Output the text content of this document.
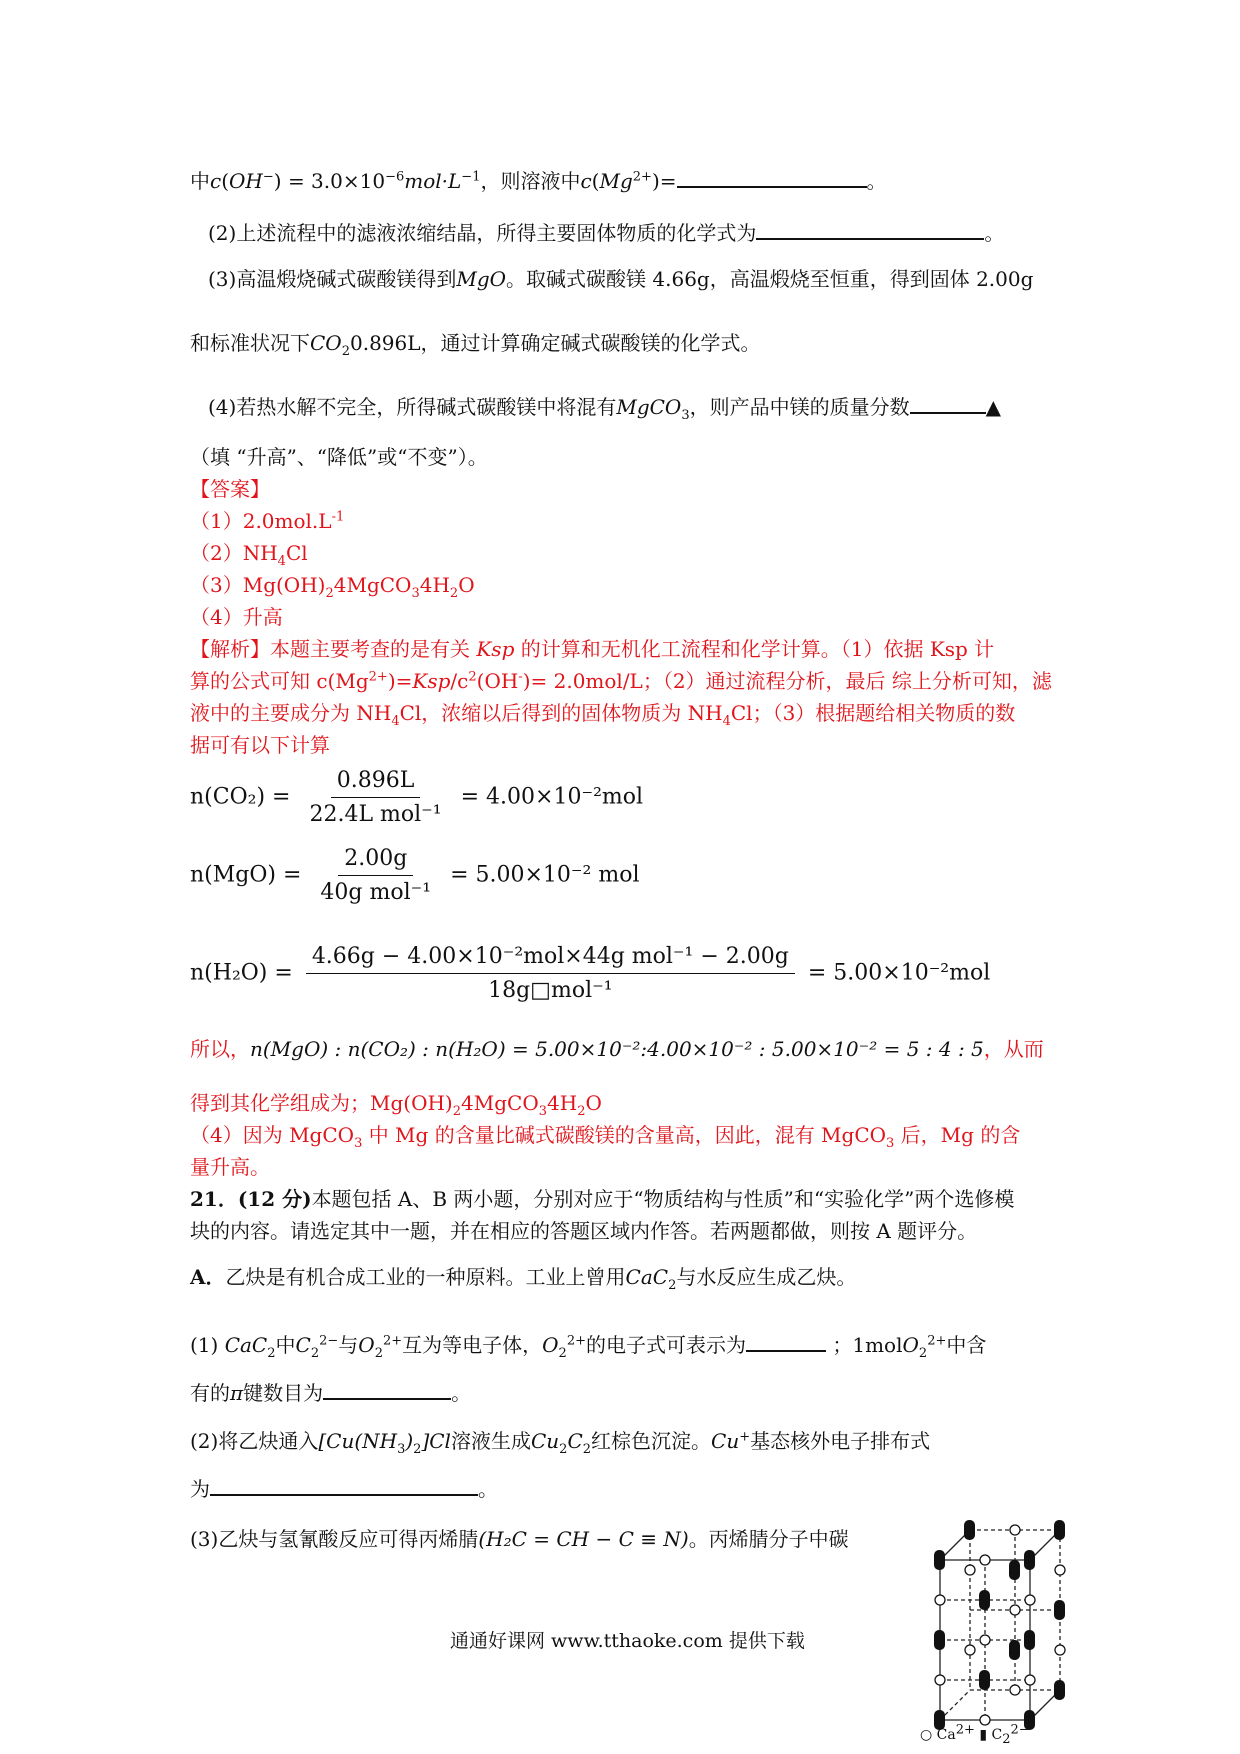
中$c(OH^-) = 3.0\times 10^{-6}mol\cdot L^{-1}$，则溶液中$c(Mg^{2+})=$	。
(2)上述流程中的滤液浓缩结晶，所得主要固体物质的化学式为	。
(3)高温煅烧碱式碳酸镁得到MgO。取碱式碳酸镁 4.66g，高温煅烧至恒重，得到固体 2.00g
和标准状况下$CO_20.896L$，通过计算确定碱式碳酸镁的化学式。
(4)若热水解不完全，所得碱式碳酸镁中将混有MgCO$_3$，则产品中镁的质量分数	▲
（填 “升高”、“降低”或“不变”）。
【答案】
$(1)2.0mol.L^{-1}$
$(2)NH_4Cl$
$(3)Mg(OH)_24MgCO_34H_2O$
（4）升高
【解析】本题主要考查的是有关 Ksp 的计算和无机化工流程和化学计算。（1）依据 Ksp 计
算的公式可知 $c(Mg^{2+})=Ksp/c^2(OH^-)= 2.0mol/L$；（2）通过流程分析，最后 综上分析可知，滤
液中的主要成分为 $NH_4Cl$，浓缩以后得到的固体物质为 $NH_4Cl$；（3）根据题给相关物质的数
据可有以下计算
$n(CO_2) = \frac{0.896L}{\text{22.4L mol⁻¹}} = 4.00\times 10^{-2}mol$
$n(MgO) = \frac{2.00g}{\text{40g mol⁻¹}} = 5.00\times 10^{-2}$ mol
$n(H_2O) = \frac{\text{4.66g − 4.00×10⁻²mol×44g mol⁻¹ − 2.00g}}{\text{18g□mol⁻¹}} = 5.00\times 10^{-2}mol$
所以，n(MgO) : n(CO₂) : n(H₂O) = 5.00×10⁻²:4.00×10⁻² : 5.00×10⁻² = 5 : 4 : 5，从而
得到其化学组成为；$Mg(OH)_24MgCO_34H_2O$
（4）因为 MgCO$_3$ 中 Mg 的含量比碱式碳酸镁的含量高，因此，混有 MgCO$_3$ 后，Mg 的含
量升高。
21．(12 分)本题包括 A、B 两小题，分别对应于“物质结构与性质”和“实验化学”两个选修模
块的内容。请选定其中一题，并在相应的答题区域内作答。若两题都做，则按 A 题评分。
A．乙炔是有机合成工业的一种原料。工业上曾用CaC$_2$与水反应生成乙炔。
(1) CaC$_2$中$C_2^{2-}$与$O_2^{2+}$互为等电子体，$O_2^{2+}$的电子式可表示为	；1molO$_2^{2+}$中含
有的π键数目为	。
(2)将乙炔通入$[Cu(NH_3)_2]Cl$溶液生成$Cu_2C_2$红棕色沉淀。Cu+基态核外电子排布式
为	。
(3)乙炔与氢氰酸反应可得丙烯腈(H₂C = CH − C ≡ N)。丙烯腈分子中碳
○ $Ca^{2+}$ ▮ $C_2^{2-}$
通通好课网 www.tthaoke.com 提供下载
